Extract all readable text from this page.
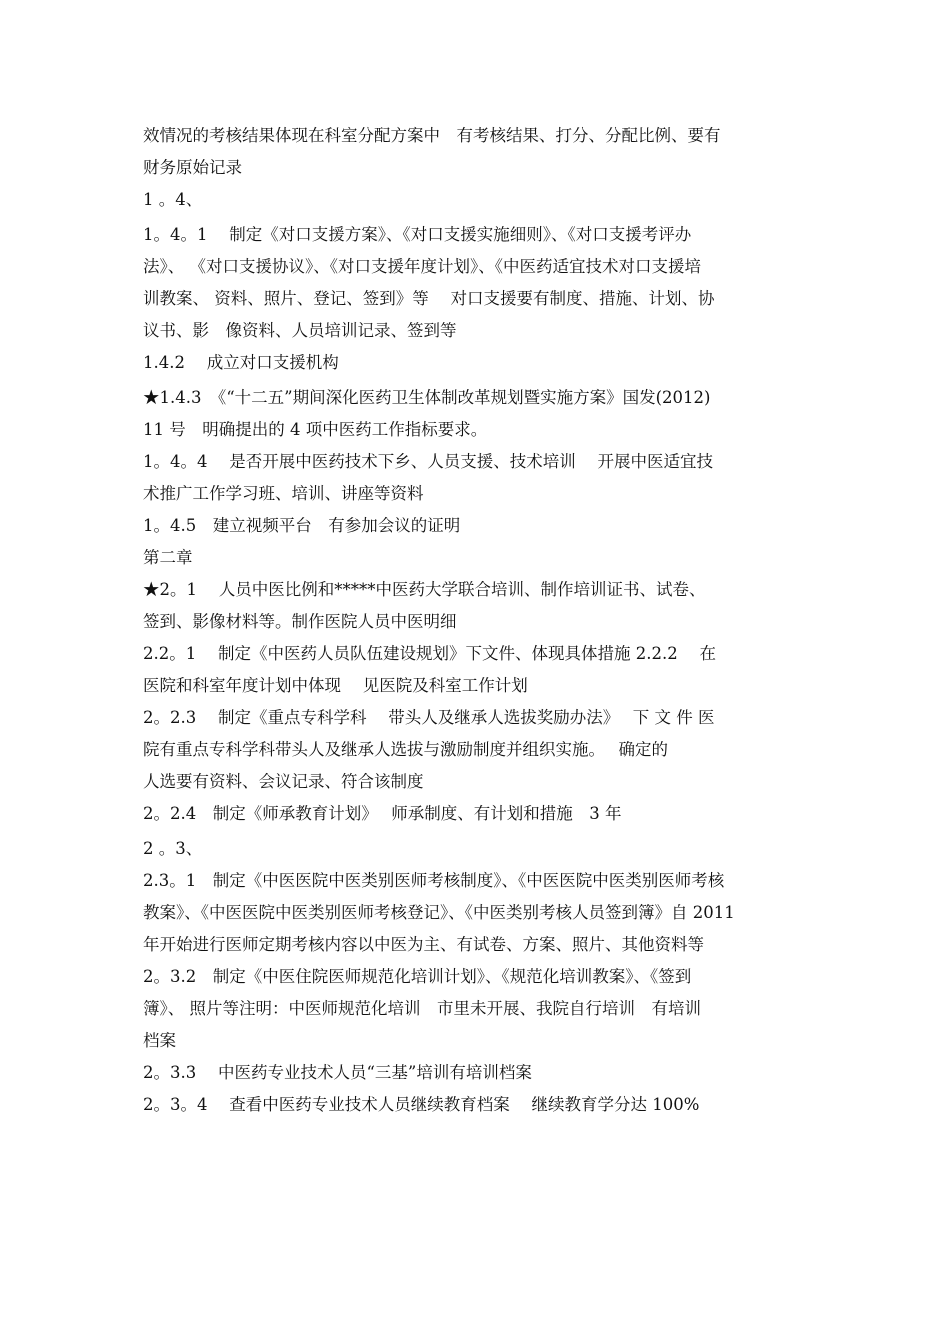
效情况的考核结果体现在科室分配方案中　有考核结果、打分、分配比例、要有
财务原始记录
1 。4、
1。4。1　 制定《对口支援方案》、《对口支援实施细则》、《对口支援考评办
法》、 《对口支援协议》、《对口支援年度计划》、《中医药适宜技术对口支援培
训教案、 资料、照片、登记、签到》等　 对口支援要有制度、措施、计划、协
议书、影　像资料、人员培训记录、签到等
1.4.2　 成立对口支援机构
★1.4.3　《“十二五”期间深化医药卫生体制改革规划暨实施方案》国发(2012)
11 号　明确提出的 4 项中医药工作指标要求。
1。4。4　 是否开展中医药技术下乡、人员支援、技术培训　 开展中医适宜技
术推广工作学习班、培训、讲座等资料
1。4.5　建立视频平台　有参加会议的证明
第二章
★2。1　 人员中医比例和*****中医药大学联合培训、制作培训证书、试卷、
签到、影像材料等。制作医院人员中医明细
2.2。1　 制定《中医药人员队伍建设规划》下文件、体现具体措施 2.2.2　 在
医院和科室年度计划中体现　 见医院及科室工作计划
2。2.3　 制定《重点专科学科　 带头人及继承人选拔奖励办法》　 下 文 件 医
院有重点专科学科带头人及继承人选拔与激励制度并组织实施。　 确定的
人选要有资料、会议记录、符合该制度
2。2.4　制定《师承教育计划》　 师承制度、有计划和措施　3 年
2 。3、
2.3。1　制定《中医医院中医类别医师考核制度》、《中医医院中医类别医师考核
教案》、《中医医院中医类别医师考核登记》、《中医类别考核人员签到簿》自 2011
年开始进行医师定期考核内容以中医为主、有试卷、方案、照片、其他资料等
2。3.2　制定《中医住院医师规范化培训计划》、《规范化培训教案》、《签到
簿》、 照片等注明：中医师规范化培训　市里未开展、我院自行培训　有培训
档案
2。3.3　 中医药专业技术人员“三基”培训有培训档案
2。3。4　 查看中医药专业技术人员继续教育档案　 继续教育学分达 100%
